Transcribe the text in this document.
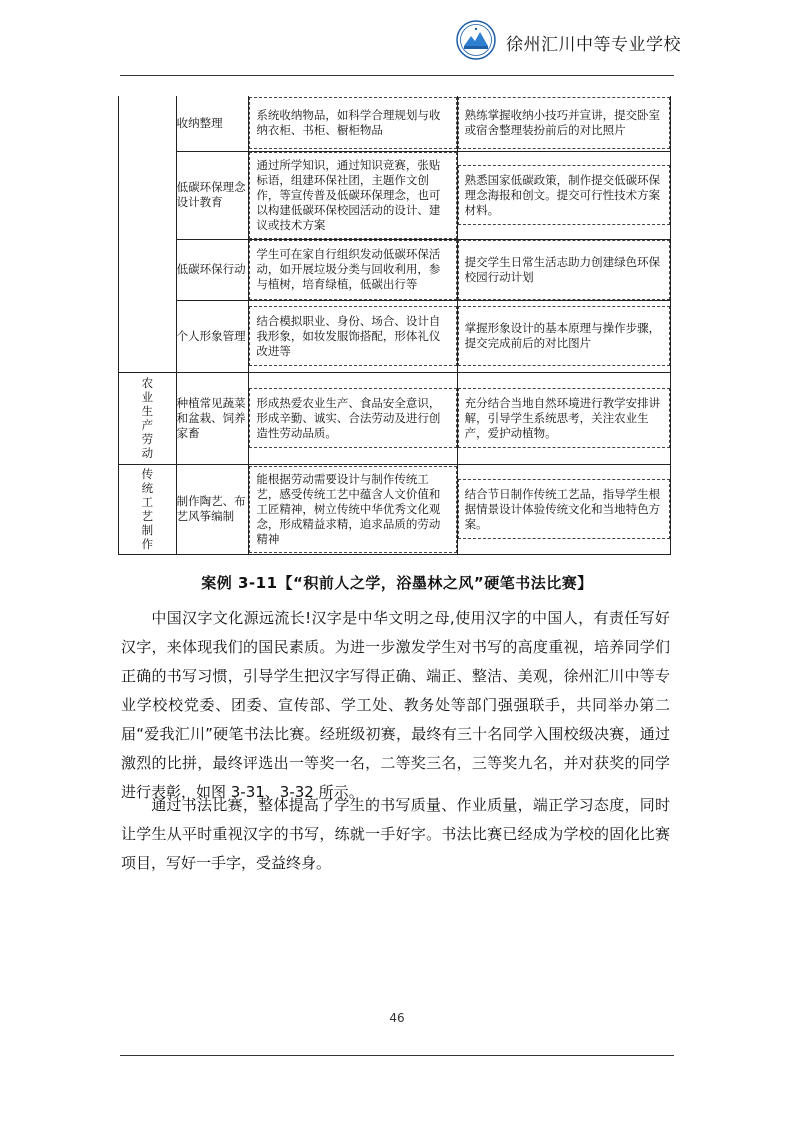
徐州汇川中等专业学校
	收纳整理	系统收纳物品，如科学合理规划与收纳衣柜、书柜、橱柜物品	熟练掌握收纳小技巧并宣讲，提交卧室或宿舍整理装扮前后的对比照片

	低碳环保理念设计教育	通过所学知识，通过知识竞赛，张贴标语，组建环保社团，主题作文创作，等宣传普及低碳环保理念，也可以构建低碳环保校园活动的设计、建议或技术方案	熟悉国家低碳政策，制作提交低碳环保理念海报和创文。提交可行性技术方案材料。

	低碳环保行动	学生可在家自行组织发动低碳环保活动，如开展垃圾分类与回收利用，参与植树，培育绿植，低碳出行等	提交学生日常生活志助力创建绿色环保校园行动计划

	个人形象管理	结合模拟职业、身份、场合、设计自我形象，如妆发服饰搭配，形体礼仪改进等	掌握形象设计的基本原理与操作步骤，提交完成前后的对比图片

农业生产劳动	种植常见蔬菜和盆栽、饲养家畜	形成热爱农业生产、食品安全意识，形成辛勤、诚实、合法劳动及进行创造性劳动品质。	充分结合当地自然环境进行教学安排讲解，引导学生系统思考，关注农业生产，爱护动植物。

传统工艺制作	制作陶艺、布艺风筝编制	能根据劳动需要设计与制作传统工艺，感受传统工艺中蕴含人文价值和工匠精神，树立传统中华优秀文化观念，形成精益求精，追求品质的劳动精神	结合节日制作传统工艺品，指导学生根据情景设计体验传统文化和当地特色方案。
案例 3-11【“积前人之学，浴墨林之风”硬笔书法比赛】
中国汉字文化源远流长!汉字是中华文明之母,使用汉字的中国人，有责任写好汉字，来体现我们的国民素质。为进一步激发学生对书写的高度重视，培养同学们正确的书写习惯，引导学生把汉字写得正确、端正、整洁、美观，徐州汇川中等专业学校校党委、团委、宣传部、学工处、教务处等部门强强联手，共同举办第二届“爱我汇川”硬笔书法比赛。经班级初赛，最终有三十名同学入围校级决赛，通过激烈的比拼，最终评选出一等奖一名，二等奖三名，三等奖九名，并对获奖的同学进行表彰，如图 3-31、3-32 所示。
通过书法比赛，整体提高了学生的书写质量、作业质量，端正学习态度，同时让学生从平时重视汉字的书写，练就一手好字。书法比赛已经成为学校的固化比赛项目，写好一手字，受益终身。
46
